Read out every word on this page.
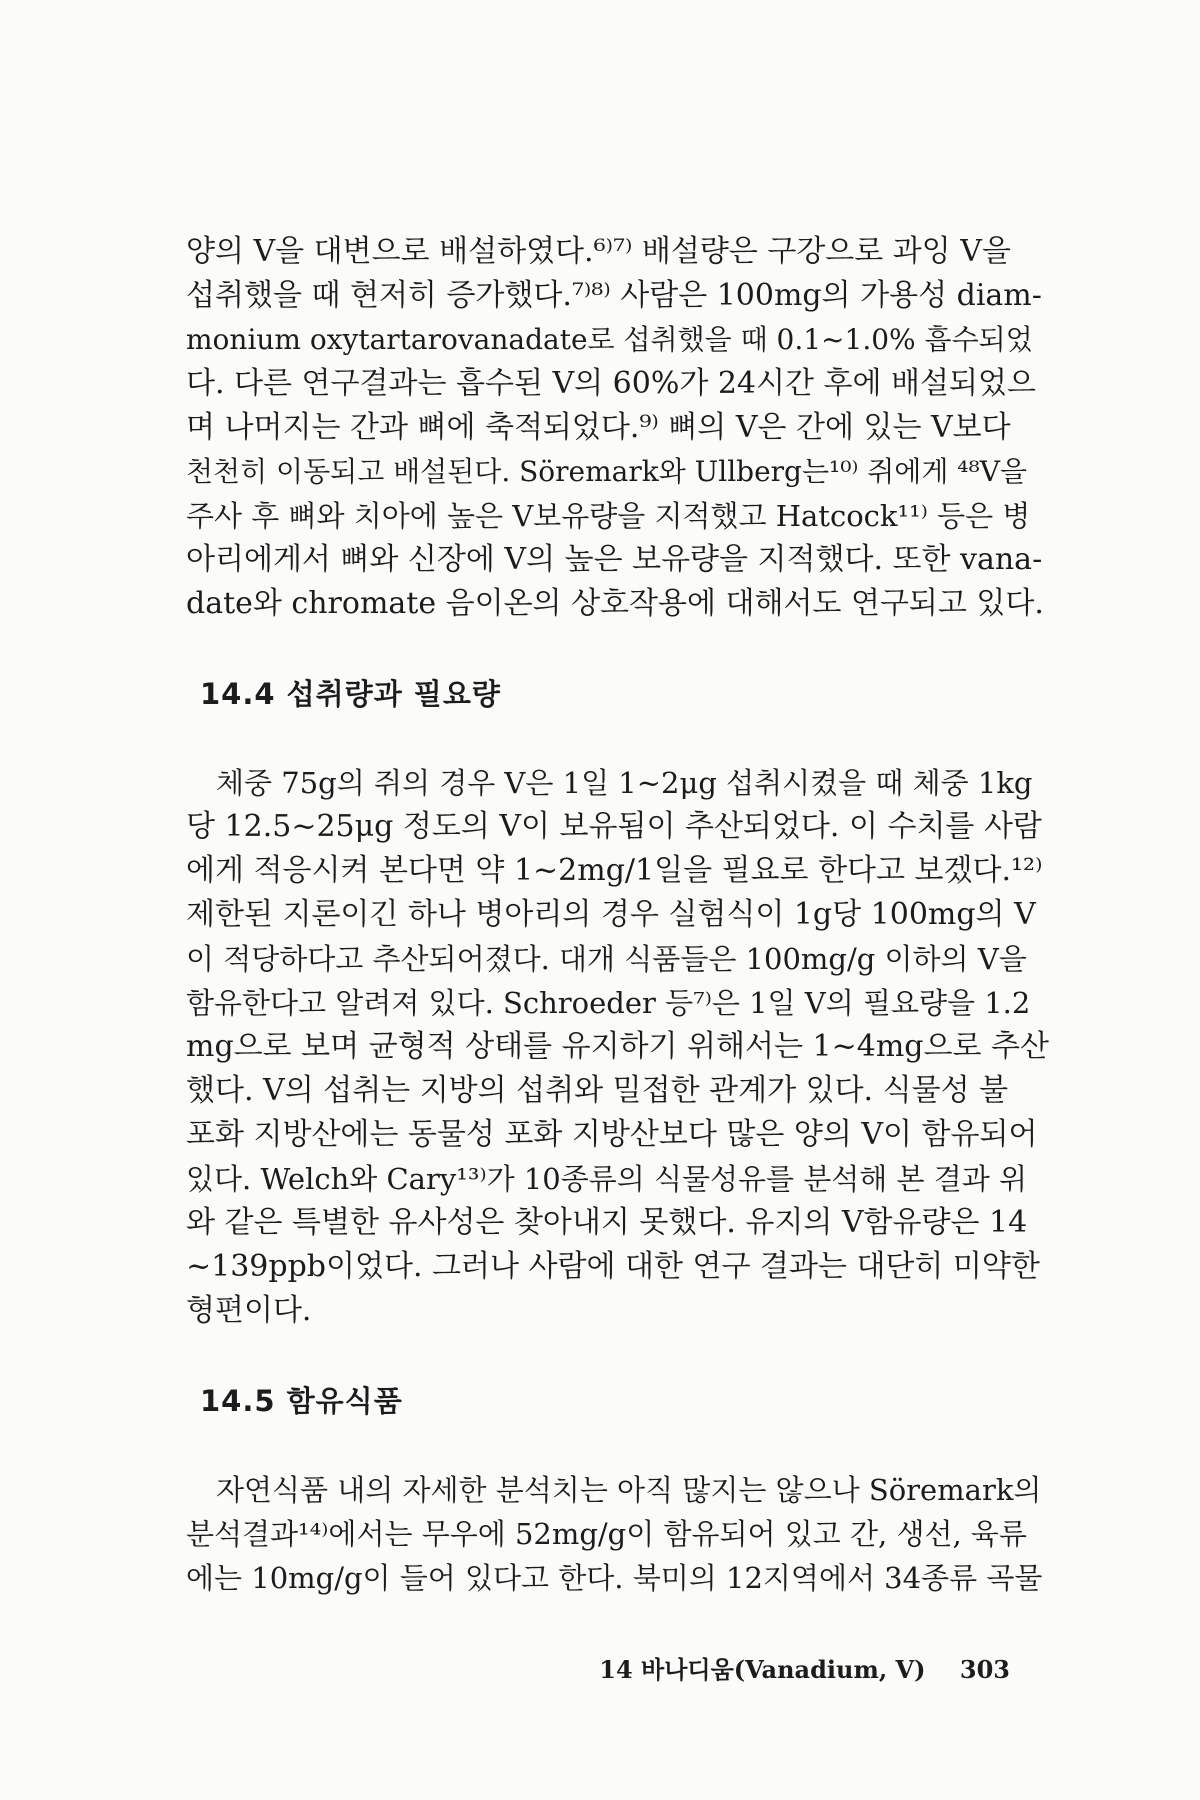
양의 V을 대변으로 배설하였다.⁶⁾⁷⁾ 배설량은 구강으로 과잉 V을
섭취했을 때 현저히 증가했다.⁷⁾⁸⁾ 사람은 100mg의 가용성 diam-
monium oxytartarovanadate로 섭취했을 때 0.1~1.0% 흡수되었
다. 다른 연구결과는 흡수된 V의 60%가 24시간 후에 배설되었으
며 나머지는 간과 뼈에 축적되었다.⁹⁾ 뼈의 V은 간에 있는 V보다
천천히 이동되고 배설된다. Söremark와 Ullberg는¹⁰⁾ 쥐에게 ⁴⁸V을
주사 후 뼈와 치아에 높은 V보유량을 지적했고 Hatcock¹¹⁾ 등은 병
아리에게서 뼈와 신장에 V의 높은 보유량을 지적했다. 또한 vana-
date와 chromate 음이온의 상호작용에 대해서도 연구되고 있다.

14.4 섭취량과 필요량

체중 75g의 쥐의 경우 V은 1일 1~2μg 섭취시켰을 때 체중 1kg
당 12.5~25μg 정도의 V이 보유됨이 추산되었다. 이 수치를 사람
에게 적응시켜 본다면 약 1~2mg/1일을 필요로 한다고 보겠다.¹²⁾
제한된 지론이긴 하나 병아리의 경우 실험식이 1g당 100mg의 V
이 적당하다고 추산되어졌다. 대개 식품들은 100mg/g 이하의 V을
함유한다고 알려져 있다. Schroeder 등⁷⁾은 1일 V의 필요량을 1.2
mg으로 보며 균형적 상태를 유지하기 위해서는 1~4mg으로 추산
했다. V의 섭취는 지방의 섭취와 밀접한 관계가 있다. 식물성 불
포화 지방산에는 동물성 포화 지방산보다 많은 양의 V이 함유되어
있다. Welch와 Cary¹³⁾가 10종류의 식물성유를 분석해 본 결과 위
와 같은 특별한 유사성은 찾아내지 못했다. 유지의 V함유량은 14
~139ppb이었다. 그러나 사람에 대한 연구 결과는 대단히 미약한
형편이다.

14.5 함유식품

자연식품 내의 자세한 분석치는 아직 많지는 않으나 Söremark의
분석결과¹⁴⁾에서는 무우에 52mg/g이 함유되어 있고 간, 생선, 육류
에는 10mg/g이 들어 있다고 한다. 북미의 12지역에서 34종류 곡물

14 바나디움(Vanadium, V) 303
